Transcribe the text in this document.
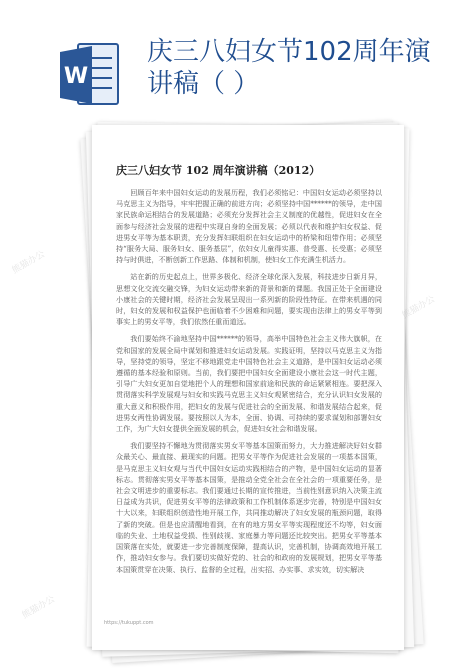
W
庆三八妇女节102周年演讲稿（ ）
庆三八妇女节 102 周年演讲稿（2012）

回顾百年来中国妇女运动的发展历程，我们必须铭记：中国妇女运动必须坚持以马克思主义为指导，牢牢把握正确的前进方向；必须坚持中国******的领导，走中国家民族命运相结合的发展道路；必须充分发挥社会主义制度的优越性，促进妇女在全面参与经济社会发展的进程中实现自身的全面发展；必须以代表和维护妇女权益、促进男女平等为基本职责，充分发挥妇联组织在妇女运动中的桥梁和纽带作用；必须坚持“服务大局、服务妇女、服务基层”，依妇女儿童得实惠、普受惠、长受惠；必须坚持与时俱进，不断创新工作思路、体制和机制，使妇女工作充满生机活力。

站在新的历史起点上，世界多极化、经济全球化深入发展，科技进步日新月异，思想文化交流交融交锋，为妇女运动带来新的背景和新的课题。我国正处于全面建设小康社会的关键时期，经济社会发展呈现出一系列新的阶段性特征。在带来机遇的同时，妇女的发展和权益保护也面临着不少困难和问题，要实现由法律上的男女平等到事实上的男女平等，我们依然任重而道远。

我们要始终不渝地坚持中国******的领导，高举中国特色社会主义伟大旗帜，在党和国家的发展全局中谋划和推进妇女运动发展。实践证明，坚持以马克思主义为指导，坚持党的领导，坚定不移地跟党走中国特色社会主义道路，是中国妇女运动必须遵循的基本经验和原则。当前，我们要把中国妇女全面建设小康社会这一时代主题，引导广大妇女更加自觉地把个人的理想和国家前途和民族的命运紧紧相连。要把深入贯彻落实科学发展观与妇女和实践马克思主义妇女观紧密结合，充分认识妇女发展的重大意义和积极作用，把妇女的发展与促进社会的全面发展、和谐发展结合起来，促进男女两性协调发展。要按照以人为本，全面、协调、可持续的要求谋划和部署妇女工作，为广大妇女提供全面发展的机会，促进妇女社会和谐发展。

我们要坚持不懈地为贯彻落实男女平等基本国策而努力，大力推进解决好妇女群众最关心、最直接、最现实的问题。把男女平等作为促进社会发展的一项基本国策，是马克思主义妇女观与当代中国妇女运动实践相结合的产物，是中国妇女运动的显著标志。贯彻落实男女平等基本国策，是推动全党全社会在全社会的一项重要任务，是社会文明进步的重要标志。我们要通过长期的宣传推进，当前性别意识纳入决策主流日益成为共识，促进男女平等的法律政策和工作机制体系逐步完善，特别是中国妇女十大以来，妇联组织创造性地开展工作，共同推动解决了妇女发展的瓶颈问题，取得了新的突破。但是也应清醒地看到，在有的地方男女平等实现程度还不均等，妇女面临的失业、土地权益受损、性别歧视、家庭暴力等问题还比较突出。把男女平等基本国策落在实处，就要进一步完善制度保障，提高认识，完善机制，协调高效地开展工作，推动妇女参与。我们要切实做好党的、社会的和政府的发展规划，把男女平等基本国策贯穿在决策、执行、监督的全过程，出实招、办实事、求实效，切实解决

熊猫办公
熊猫办公
熊猫办公
https://tukuppt.com
